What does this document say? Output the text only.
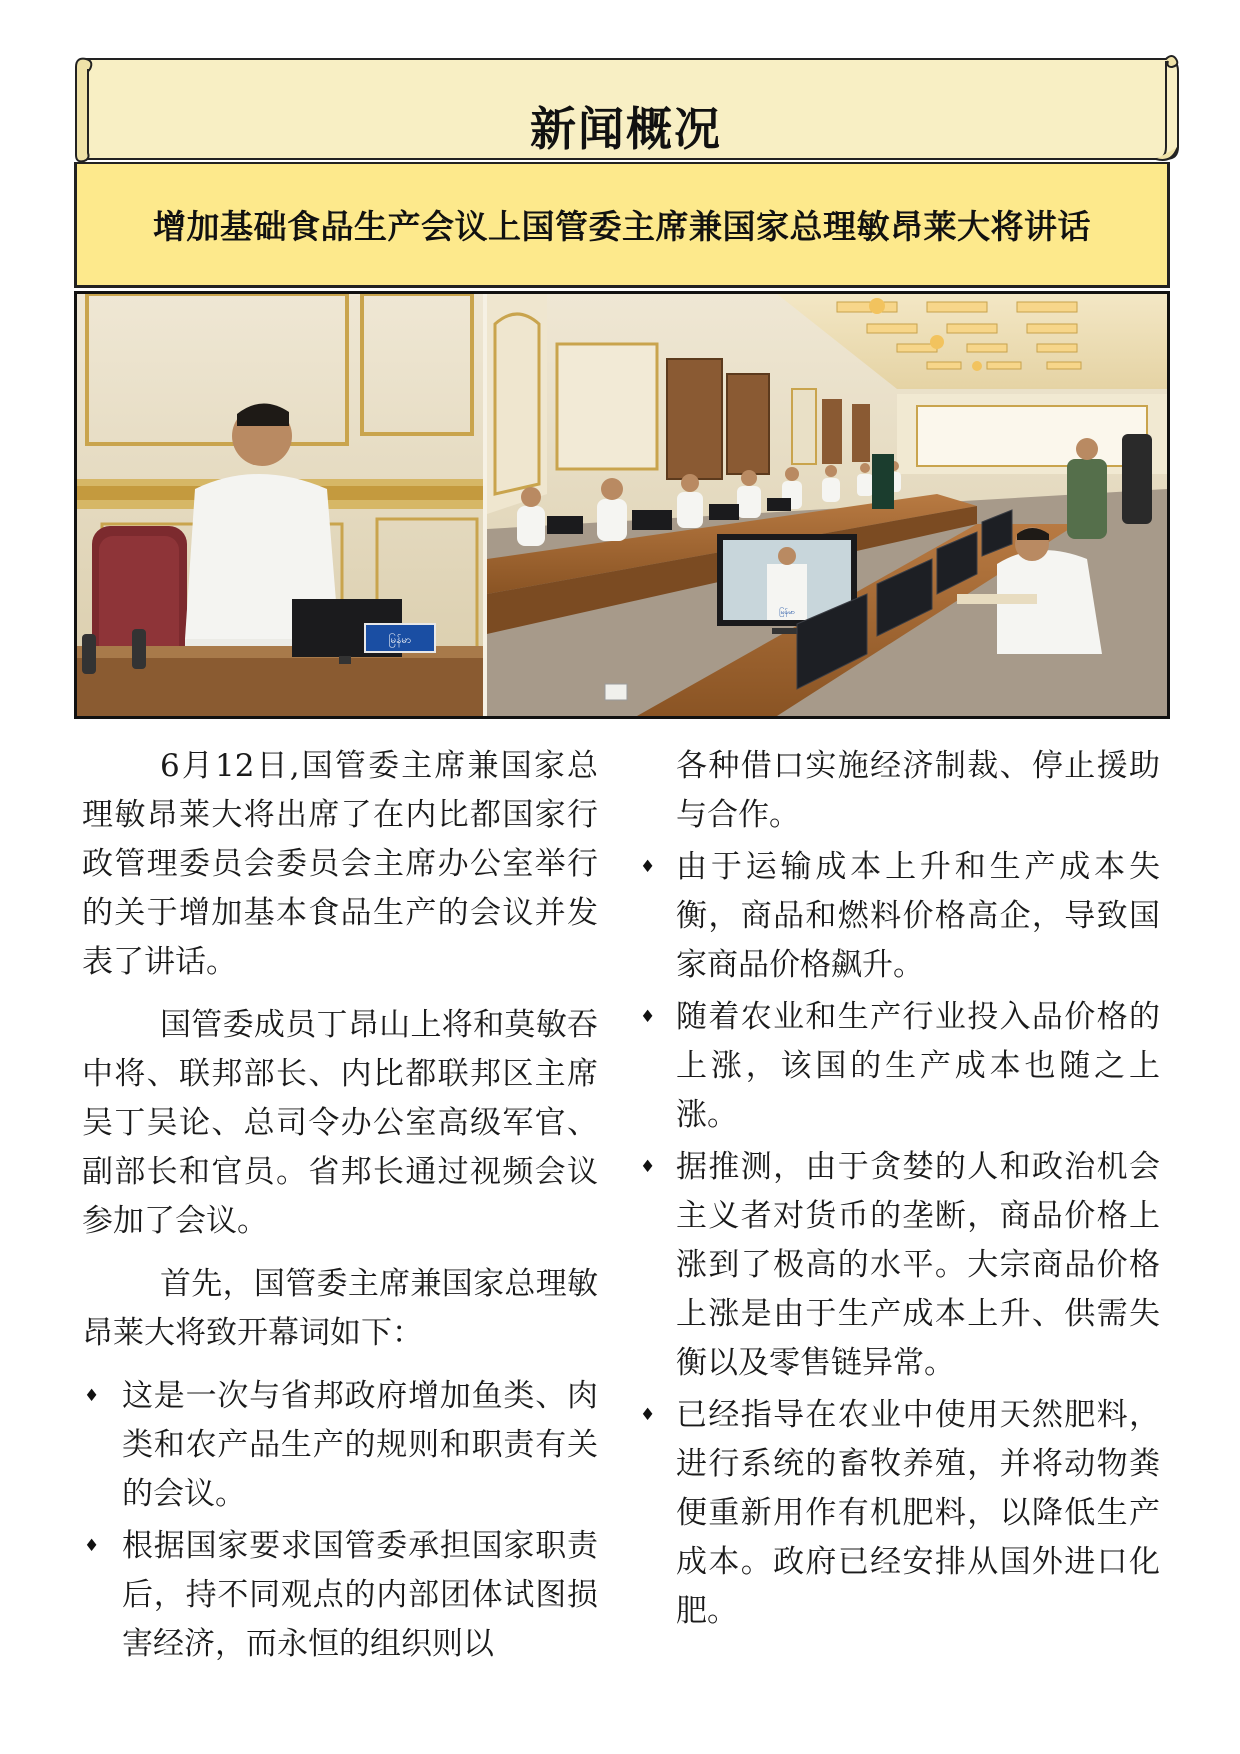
新闻概况
增加基础食品生产会议上国管委主席兼国家总理敏昂莱大将讲话
မြန်မာ
မြန်မာ

6月12日,国管委主席兼国家总理敏昂莱大将出席了在内比都国家行政管理委员会委员会主席办公室举行的关于增加基本食品生产的会议并发表了讲话。

国管委成员丁昂山上将和莫敏吞中将、联邦部长、内比都联邦区主席吴丁吴论、总司令办公室高级军官、副部长和官员。省邦长通过视频会议参加了会议。

首先，国管委主席兼国家总理敏昂莱大将致开幕词如下：

♦ 这是一次与省邦政府增加鱼类、肉类和农产品生产的规则和职责有关的会议。

♦ 根据国家要求国管委承担国家职责后，持不同观点的内部团体试图损害经济，而永恒的组织则以

各种借口实施经济制裁、停止援助与合作。

♦ 由于运输成本上升和生产成本失衡，商品和燃料价格高企，导致国家商品价格飙升。

♦ 随着农业和生产行业投入品价格的上涨，该国的生产成本也随之上涨。

♦ 据推测，由于贪婪的人和政治机会主义者对货币的垄断，商品价格上涨到了极高的水平。大宗商品价格上涨是由于生产成本上升、供需失衡以及零售链异常。

♦ 已经指导在农业中使用天然肥料，进行系统的畜牧养殖，并将动物粪便重新用作有机肥料，以降低生产成本。政府已经安排从国外进口化肥。
